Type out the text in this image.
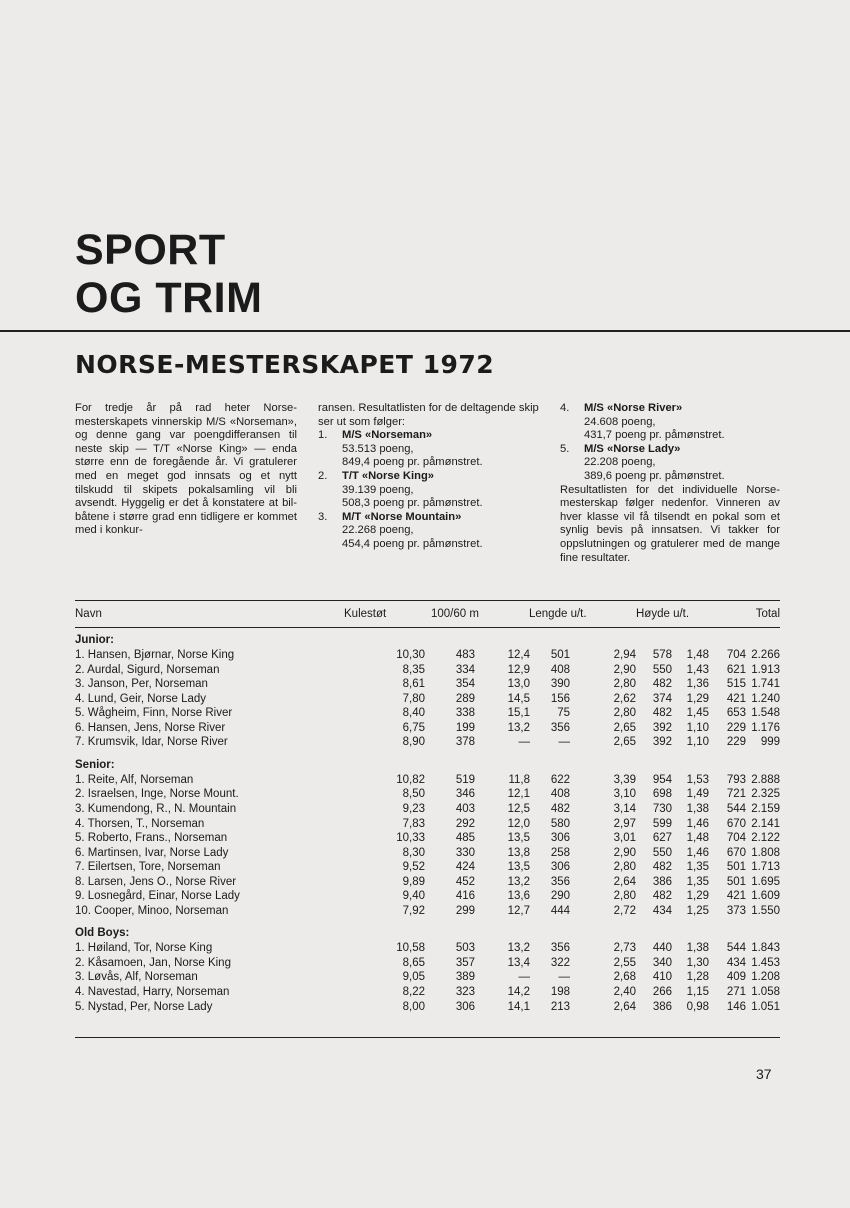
SPORT
OG TRIM
NORSE-MESTERSKAPET 1972
For tredje år på rad heter Norse-mesterskapets vinnerskip M/S «Norseman», og denne gang var poengdifferansen til neste skip — T/T «Norse King» — enda større enn de foregående år. Vi gratulerer med en meget god innsats og et nytt tilskudd til skipets pokalsamling vil bli avsendt. Hyggelig er det å konstatere at bil-båtene i større grad enn tidligere er kommet med i konkur-
ransen. Resultatlisten for de deltagende skip ser ut som følger:
1.	M/S «Norseman»
53.513 poeng,
849,4 poeng pr. påmønstret.
2.	T/T «Norse King»
39.139 poeng,
508,3 poeng pr. påmønstret.
3.	M/T «Norse Mountain»
22.268 poeng,
454,4 poeng pr. påmønstret.
4.	M/S «Norse River»
24.608 poeng,
431,7 poeng pr. påmønstret.
5.	M/S «Norse Lady»
22.208 poeng,
389,6 poeng pr. påmønstret.
Resultatlisten for det individuelle Norse-mesterskap følger nedenfor. Vinneren av hver klasse vil få tilsendt en pokal som et synlig bevis på innsatsen. Vi takker for oppslutningen og gratulerer med de mange fine resultater.
Navn	Kulestøt	100/60 m	Lengde u/t.	Høyde u/t.	Total
Junior:
1. Hansen, Bjørnar, Norse King	10,30	483	12,4 501	2,94 578 1,48 704 2.266
2. Aurdal, Sigurd, Norseman	8,35	334	12,9 408	2,90 550 1,43 621 1.913
3. Janson, Per, Norseman	8,61	354	13,0 390	2,80 482 1,36 515 1.741
4. Lund, Geir, Norse Lady	7,80	289	14,5 156	2,62 374 1,29 421 1.240
5. Wågheim, Finn, Norse River	8,40	338	15,1 75	2,80 482 1,45 653 1.548
6. Hansen, Jens, Norse River	6,75	199	13,2 356	2,65 392 1,10 229 1.176
7. Krumsvik, Idar, Norse River	8,90	378	— —	2,65 392 1,10 229 999
Senior:
1. Reite, Alf, Norseman	10,82	519	11,8 622	3,39 954 1,53 793 2.888
2. Israelsen, Inge, Norse Mount.	8,50	346	12,1 408	3,10 698 1,49 721 2.325
3. Kumendong, R., N. Mountain	9,23	403	12,5 482	3,14 730 1,38 544 2.159
4. Thorsen, T., Norseman	7,83	292	12,0 580	2,97 599 1,46 670 2.141
5. Roberto, Frans., Norseman	10,33	485	13,5 306	3,01 627 1,48 704 2.122
6. Martinsen, Ivar, Norse Lady	8,30	330	13,8 258	2,90 550 1,46 670 1.808
7. Eilertsen, Tore, Norseman	9,52	424	13,5 306	2,80 482 1,35 501 1.713
8. Larsen, Jens O., Norse River	9,89	452	13,2 356	2,64 386 1,35 501 1.695
9. Losnegård, Einar, Norse Lady	9,40	416	13,6 290	2,80 482 1,29 421 1.609
10. Cooper, Minoo, Norseman	7,92	299	12,7 444	2,72 434 1,25 373 1.550
Old Boys:
1. Høiland, Tor, Norse King	10,58	503	13,2 356	2,73 440 1,38 544 1.843
2. Kåsamoen, Jan, Norse King	8,65	357	13,4 322	2,55 340 1,30 434 1.453
3. Løvås, Alf, Norseman	9,05	389	— —	2,68 410 1,28 409 1.208
4. Navestad, Harry, Norseman	8,22	323	14,2 198	2,40 266 1,15 271 1.058
5. Nystad, Per, Norse Lady	8,00	306	14,1 213	2,64 386 0,98 146 1.051
37
